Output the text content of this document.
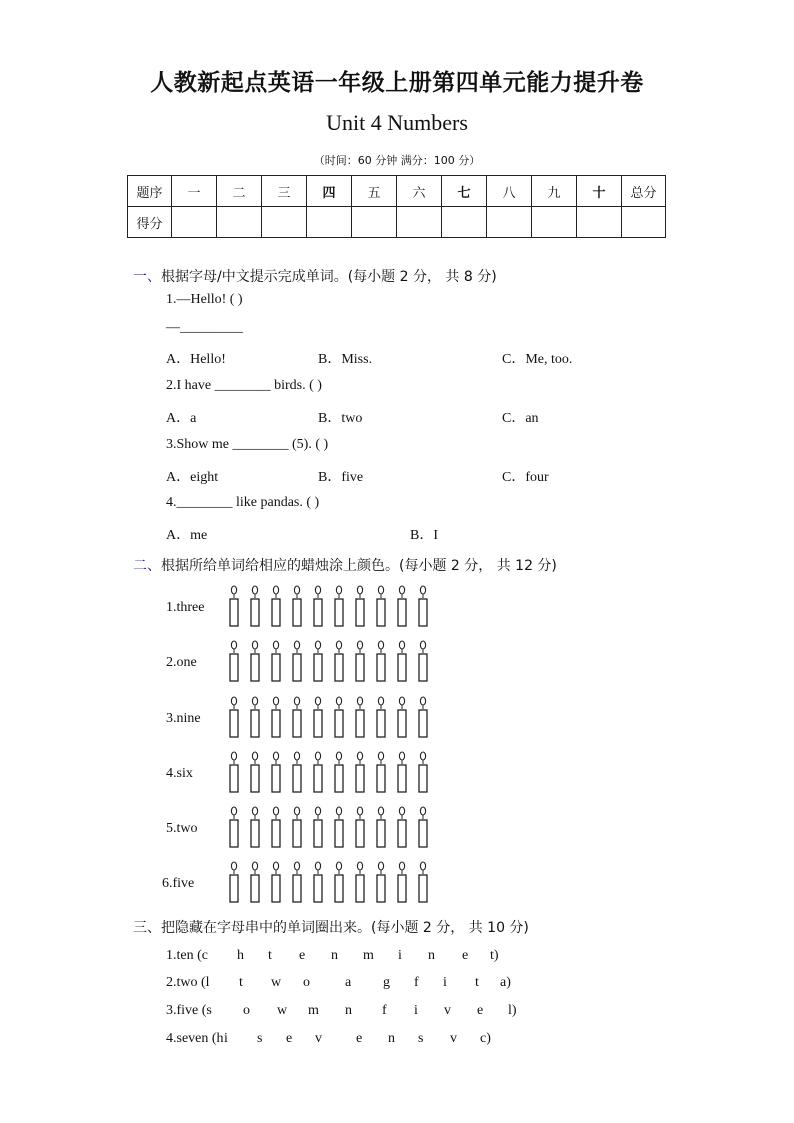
人教新起点英语一年级上册第四单元能力提升卷
Unit 4 Numbers
（时间：60 分钟 满分：100 分）
题序	一	二	三	四	五	六	七	八	九	十	总分
得分											
一、根据字母/中文提示完成单词。(每小题 2 分， 共 8 分)
1.—Hello! ( )
—_________
A．Hello!	B．Miss.	C．Me, too.
2.I have ________ birds. ( )
A．a	B．two	C．an
3.Show me ________ (5). ( )
A．eight	B．five	C．four
4.________ like pandas. ( )
A．me	B．I
二、根据所给单词给相应的蜡烛涂上颜色。(每小题 2 分， 共 12 分)
1.three
2.one
3.nine
4.six
5.two
6.five
三、把隐藏在字母串中的单词圈出来。(每小题 2 分， 共 10 分)
1.ten (c h t e n m i n e t)
2.two (l t w o	a g f i t a)
3.five (s o w m n f i v e l)
4.seven (h i s e v e n s v c)
